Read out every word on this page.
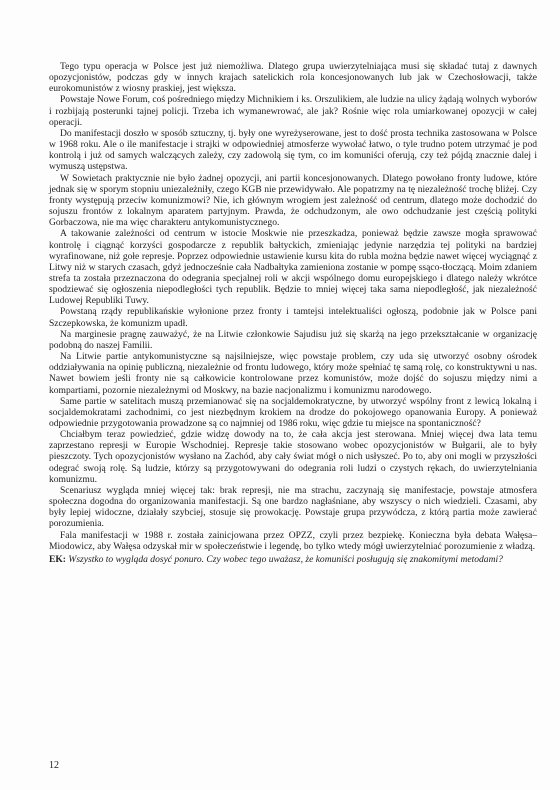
Tego typu operacja w Polsce jest już niemożliwa. Dlatego grupa uwierzytelniająca musi się składać tutaj z dawnych opozycjonistów, podczas gdy w innych krajach satelickich rola koncesjonowanych lub jak w Czechosłowacji, także eurokomunistów z wiosny praskiej, jest większa.

Powstaje Nowe Forum, coś pośredniego między Michnikiem i ks. Orszulikiem, ale ludzie na ulicy żądają wolnych wyborów i rozbijają posterunki tajnej policji. Trzeba ich wymanewrować, ale jak? Rośnie więc rola umiarkowanej opozycji w całej operacji.

Do manifestacji doszło w sposób sztuczny, tj. były one wyreżyserowane, jest to dość prosta technika zastosowana w Polsce w 1968 roku. Ale o ile manifestacje i strajki w odpowiedniej atmosferze wywołać łatwo, o tyle trudno potem utrzymać je pod kontrolą i już od samych walczących zależy, czy zadowolą się tym, co im komuniści oferują, czy też pójdą znacznie dalej i wymuszą ustępstwa.

W Sowietach praktycznie nie było żadnej opozycji, ani partii koncesjonowanych. Dlatego powołano fronty ludowe, które jednak się w sporym stopniu uniezależniły, czego KGB nie przewidywało. Ale popatrzmy na tę niezależność trochę bliżej. Czy fronty występują przeciw komunizmowi? Nie, ich głównym wrogiem jest zależność od centrum, dlatego może dochodzić do sojuszu frontów z lokalnym aparatem partyjnym. Prawda, że odchudzonym, ale owo odchudzanie jest częścią polityki Gorbaczowa, nie ma więc charakteru antykomunistycznego.

A takowanie zależności od centrum w istocie Moskwie nie przeszkadza, ponieważ będzie zawsze mogła sprawować kontrolę i ciągnąć korzyści gospodarcze z republik bałtyckich, zmieniając jedynie narzędzia tej polityki na bardziej wyrafinowane, niż gołe represje. Poprzez odpowiednie ustawienie kursu kita do rubla można będzie nawet więcej wyciągnąć z Litwy niż w starych czasach, gdyż jednocześnie cała Nadbałtyka zamieniona zostanie w pompę ssąco-tłoczącą. Moim zdaniem strefa ta została przeznaczona do odegrania specjalnej roli w akcji wspólnego domu europejskiego i dlatego należy wkrótce spodziewać się ogłoszenia niepodległości tych republik. Będzie to mniej więcej taka sama niepodległość, jak niezależność Ludowej Republiki Tuwy.

Powstaną rządy republikańskie wyłonione przez fronty i tamtejsi intelektualiści ogłoszą, podobnie jak w Polsce pani Szczepkowska, że komunizm upadł.

Na marginesie pragnę zauważyć, że na Litwie członkowie Sajudisu już się skarżą na jego przekształcanie w organizację podobną do naszej Familii.

Na Litwie partie antykomunistyczne są najsilniejsze, więc powstaje problem, czy uda się utworzyć osobny ośrodek oddziaływania na opinię publiczną, niezależnie od frontu ludowego, który może spełniać tę samą rolę, co konstruktywni u nas. Nawet bowiem jeśli fronty nie są całkowicie kontrolowane przez komunistów, może dojść do sojuszu między nimi a kompartiami, pozornie niezależnymi od Moskwy, na bazie nacjonalizmu i komunizmu narodowego.

Same partie w satelitach muszą przemianować się na socjaldemokratyczne, by utworzyć wspólny front z lewicą lokalną i socjaldemokratami zachodnimi, co jest niezbędnym krokiem na drodze do pokojowego opanowania Europy. A ponieważ odpowiednie przygotowania prowadzone są co najmniej od 1986 roku, więc gdzie tu miejsce na spontaniczność?

Chciałbym teraz powiedzieć, gdzie widzę dowody na to, że cała akcja jest sterowana. Mniej więcej dwa lata temu zaprzestano represji w Europie Wschodniej. Represje takie stosowano wobec opozycjonistów w Bułgarii, ale to były pieszczoty. Tych opozycjonistów wysłano na Zachód, aby cały świat mógł o nich usłyszeć. Po to, aby oni mogli w przyszłości odegrać swoją rolę. Są ludzie, którzy są przygotowywani do odegrania roli ludzi o czystych rękach, do uwierzytelniania komunizmu.

Scenariusz wygląda mniej więcej tak: brak represji, nie ma strachu, zaczynają się manifestacje, powstaje atmosfera społeczna dogodna do organizowania manifestacji. Są one bardzo nagłaśniane, aby wszyscy o nich wiedzieli. Czasami, aby były lepiej widoczne, działały szybciej, stosuje się prowokację. Powstaje grupa przywódcza, z którą partia może zawierać porozumienia.

Fala manifestacji w 1988 r. została zainicjowana przez OPZZ, czyli przez bezpiekę. Konieczna była debata Wałęsa–Miodowicz, aby Wałęsa odzyskał mir w społeczeństwie i legendę, bo tylko wtedy mógł uwierzytelniać porozumienie z władzą.

EK: Wszystko to wygląda dosyć ponuro. Czy wobec tego uważasz, że komuniści posługują się znakomitymi metodami?

12
